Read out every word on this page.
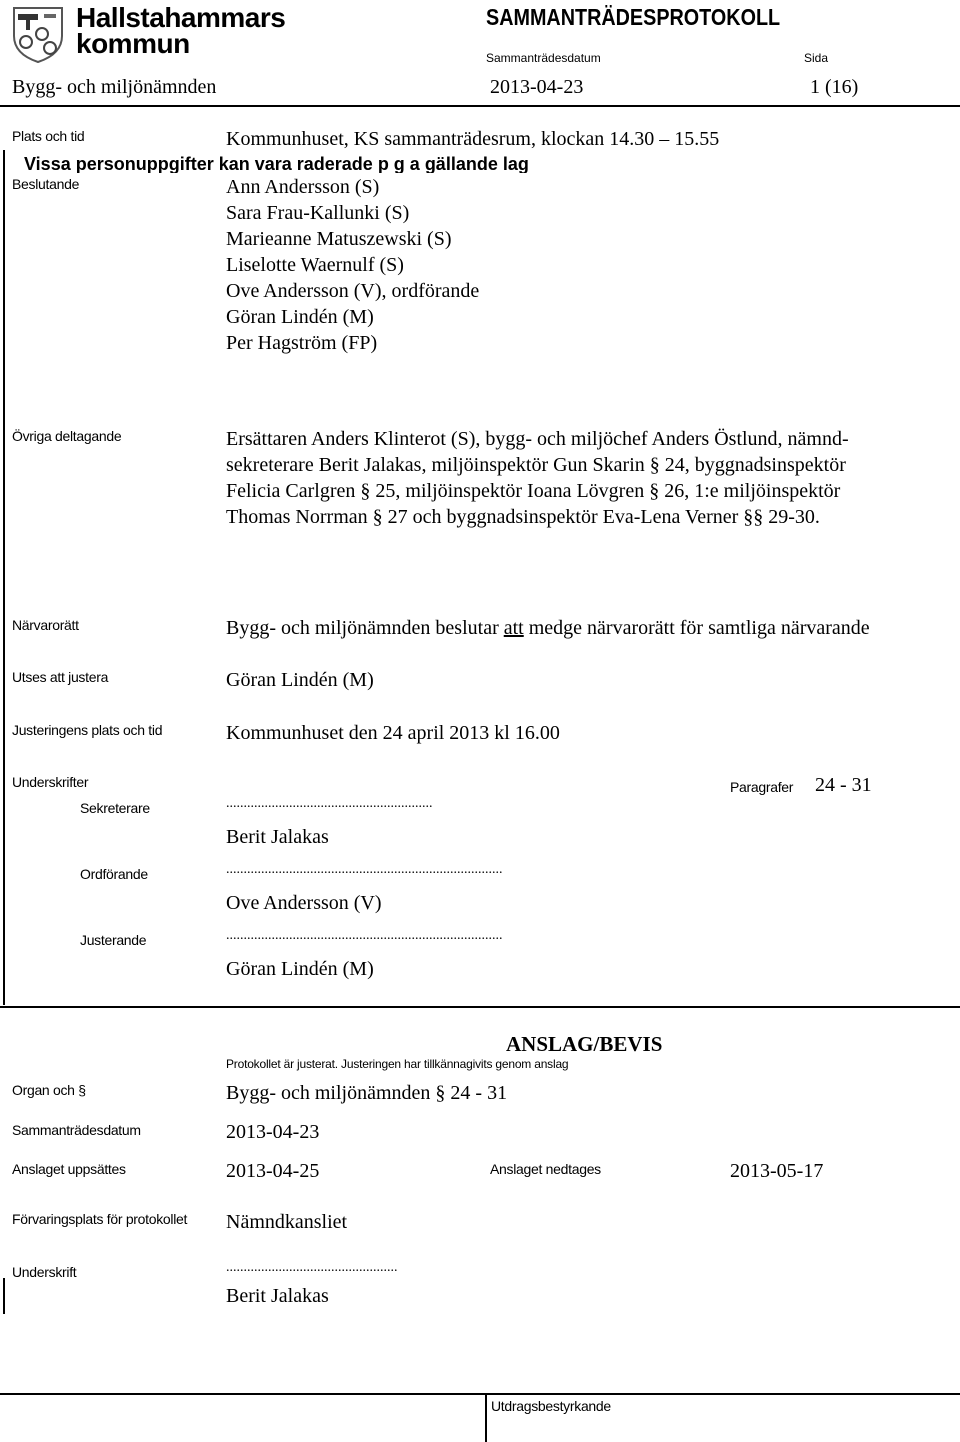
Hallstahammars
kommun
SAMMANTRÄDESPROTOKOLL
Sammanträdesdatum	Sida
Bygg- och miljönämnden	2013-04-23	1 (16)
Plats och tid	Kommunhuset, KS sammanträdesrum, klockan 14.30 – 15.55
Vissa personuppgifter kan vara raderade p g a gällande lag
Beslutande	Ann Andersson (S)
Sara Frau-Kallunki (S)
Marieanne Matuszewski (S)
Liselotte Waernulf (S)
Ove Andersson (V), ordförande
Göran Lindén (M)
Per Hagström (FP)
Övriga deltagande	Ersättaren Anders Klinterot (S), bygg- och miljöchef Anders Östlund, nämnd-
sekreterare Berit Jalakas, miljöinspektör Gun Skarin § 24, byggnadsinspektör
Felicia Carlgren § 25, miljöinspektör Ioana Lövgren § 26, 1:e miljöinspektör
Thomas Norrman § 27 och byggnadsinspektör Eva-Lena Verner §§ 29-30.
Närvarorätt	Bygg- och miljönämnden beslutar att medge närvarorätt för samtliga närvarande
Utses att justera	Göran Lindén (M)
Justeringens plats och tid	Kommunhuset den 24 april 2013 kl 16.00
Underskrifter	Paragrafer 24 - 31
Sekreterare	...........................................................
Berit Jalakas
Ordförande	...............................................................................
Ove Andersson (V)
Justerande	...............................................................................
Göran Lindén (M)
ANSLAG/BEVIS
Protokollet är justerat. Justeringen har tillkännagivits genom anslag
Organ och §	Bygg- och miljönämnden § 24 - 31
Sammanträdesdatum	2013-04-23
Anslaget uppsättes	2013-04-25	Anslaget nedtages	2013-05-17
Förvaringsplats för protokollet Nämndkansliet
Underskrift	.................................................
Berit Jalakas
Utdragsbestyrkande
